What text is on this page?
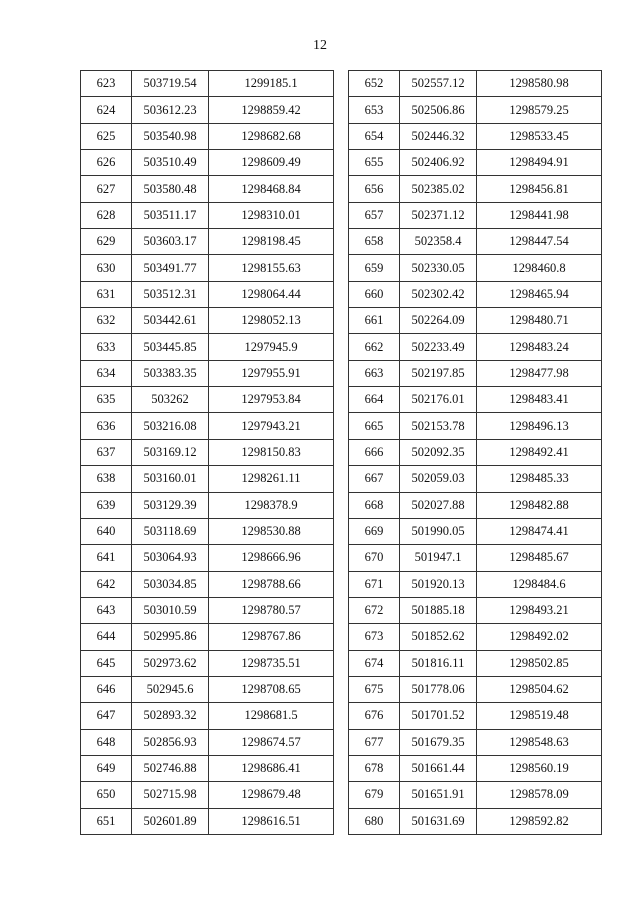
12
623	503719.54	1299185.1
624	503612.23	1298859.42
625	503540.98	1298682.68
626	503510.49	1298609.49
627	503580.48	1298468.84
628	503511.17	1298310.01
629	503603.17	1298198.45
630	503491.77	1298155.63
631	503512.31	1298064.44
632	503442.61	1298052.13
633	503445.85	1297945.9
634	503383.35	1297955.91
635	503262	1297953.84
636	503216.08	1297943.21
637	503169.12	1298150.83
638	503160.01	1298261.11
639	503129.39	1298378.9
640	503118.69	1298530.88
641	503064.93	1298666.96
642	503034.85	1298788.66
643	503010.59	1298780.57
644	502995.86	1298767.86
645	502973.62	1298735.51
646	502945.6	1298708.65
647	502893.32	1298681.5
648	502856.93	1298674.57
649	502746.88	1298686.41
650	502715.98	1298679.48
651	502601.89	1298616.51
652	502557.12	1298580.98
653	502506.86	1298579.25
654	502446.32	1298533.45
655	502406.92	1298494.91
656	502385.02	1298456.81
657	502371.12	1298441.98
658	502358.4	1298447.54
659	502330.05	1298460.8
660	502302.42	1298465.94
661	502264.09	1298480.71
662	502233.49	1298483.24
663	502197.85	1298477.98
664	502176.01	1298483.41
665	502153.78	1298496.13
666	502092.35	1298492.41
667	502059.03	1298485.33
668	502027.88	1298482.88
669	501990.05	1298474.41
670	501947.1	1298485.67
671	501920.13	1298484.6
672	501885.18	1298493.21
673	501852.62	1298492.02
674	501816.11	1298502.85
675	501778.06	1298504.62
676	501701.52	1298519.48
677	501679.35	1298548.63
678	501661.44	1298560.19
679	501651.91	1298578.09
680	501631.69	1298592.82
